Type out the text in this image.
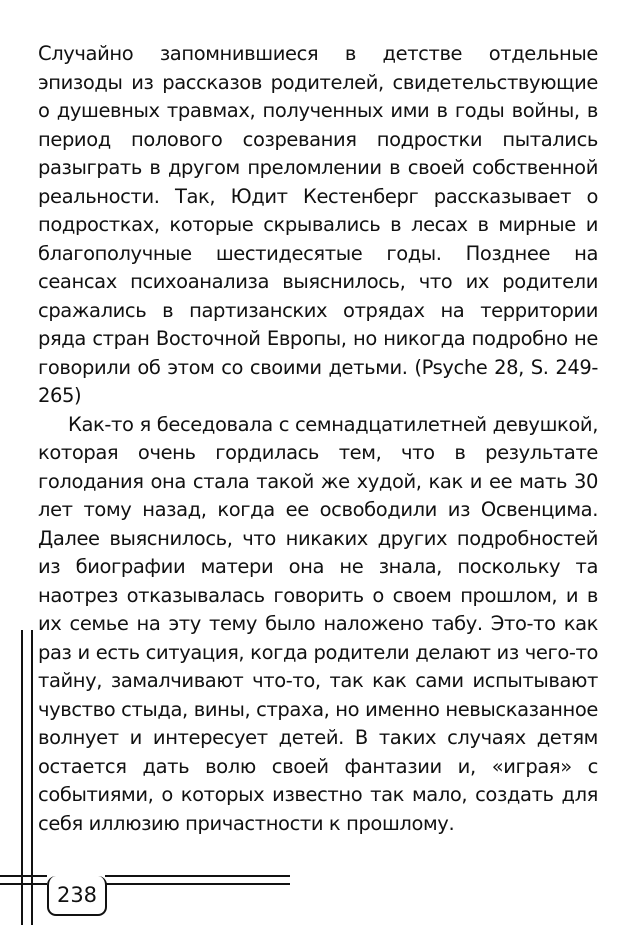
Случайно запомнившиеся в детстве отдельные эпизоды из рассказов родителей, свидетельствующие о душевных травмах, полученных ими в годы войны, в период полового созревания подростки пытались разыграть в другом преломлении в своей собственной реальности. Так, Юдит Кестенберг рассказывает о подростках, которые скрывались в лесах в мирные и благополучные шестидесятые годы. Позднее на сеансах психоанализа выяснилось, что их родители сражались в партизанских отрядах на территории ряда стран Восточной Европы, но никогда подробно не говорили об этом со своими детьми. (Psyche 28, S. 249-265)

Как-то я беседовала с семнадцатилетней девушкой, которая очень гордилась тем, что в результате голодания она стала такой же худой, как и ее мать 30 лет тому назад, когда ее освободили из Освенцима. Далее выяснилось, что никаких других подробностей из биографии матери она не знала, поскольку та наотрез отказывалась говорить о своем прошлом, и в их семье на эту тему было наложено табу. Это-то как раз и есть ситуация, когда родители делают из чего-то тайну, замалчивают что-то, так как сами испытывают чувство стыда, вины, страха, но именно невысказанное волнует и интересует детей. В таких случаях детям остается дать волю своей фантазии и, «играя» с событиями, о которых известно так мало, создать для себя иллюзию причастности к прошлому.

238
